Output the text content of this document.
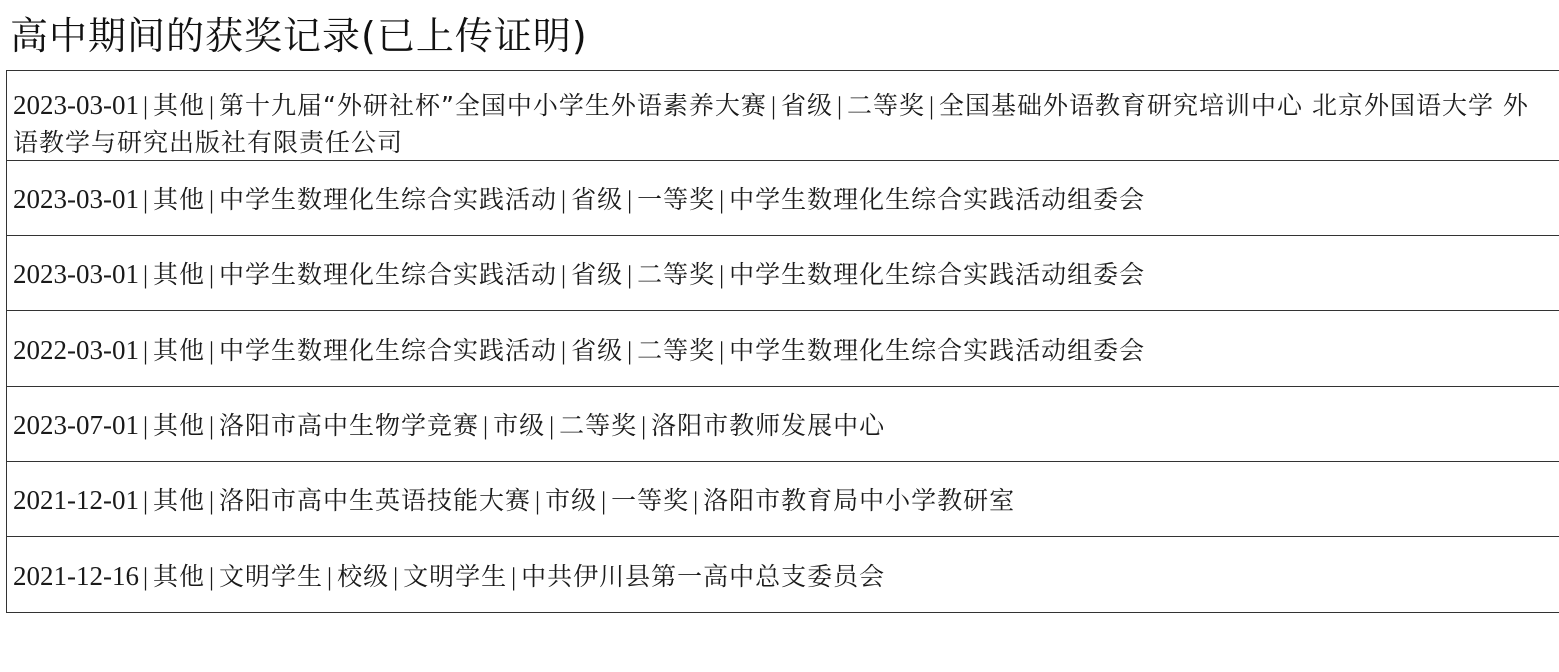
高中期间的获奖记录(已上传证明)
2023-03-01 | 其他 | 第十九届“外研社杯”全国中小学生外语素养大赛 | 省级 | 二等奖 | 全国基础外语教育研究培训中心 北京外国语大学 外语教学与研究出版社有限责任公司
2023-03-01 | 其他 | 中学生数理化生综合实践活动 | 省级 | 一等奖 | 中学生数理化生综合实践活动组委会
2023-03-01 | 其他 | 中学生数理化生综合实践活动 | 省级 | 二等奖 | 中学生数理化生综合实践活动组委会
2022-03-01 | 其他 | 中学生数理化生综合实践活动 | 省级 | 二等奖 | 中学生数理化生综合实践活动组委会
2023-07-01 | 其他 | 洛阳市高中生物学竞赛 | 市级 | 二等奖 | 洛阳市教师发展中心
2021-12-01 | 其他 | 洛阳市高中生英语技能大赛 | 市级 | 一等奖 | 洛阳市教育局中小学教研室
2021-12-16 | 其他 | 文明学生 | 校级 | 文明学生 | 中共伊川县第一高中总支委员会
